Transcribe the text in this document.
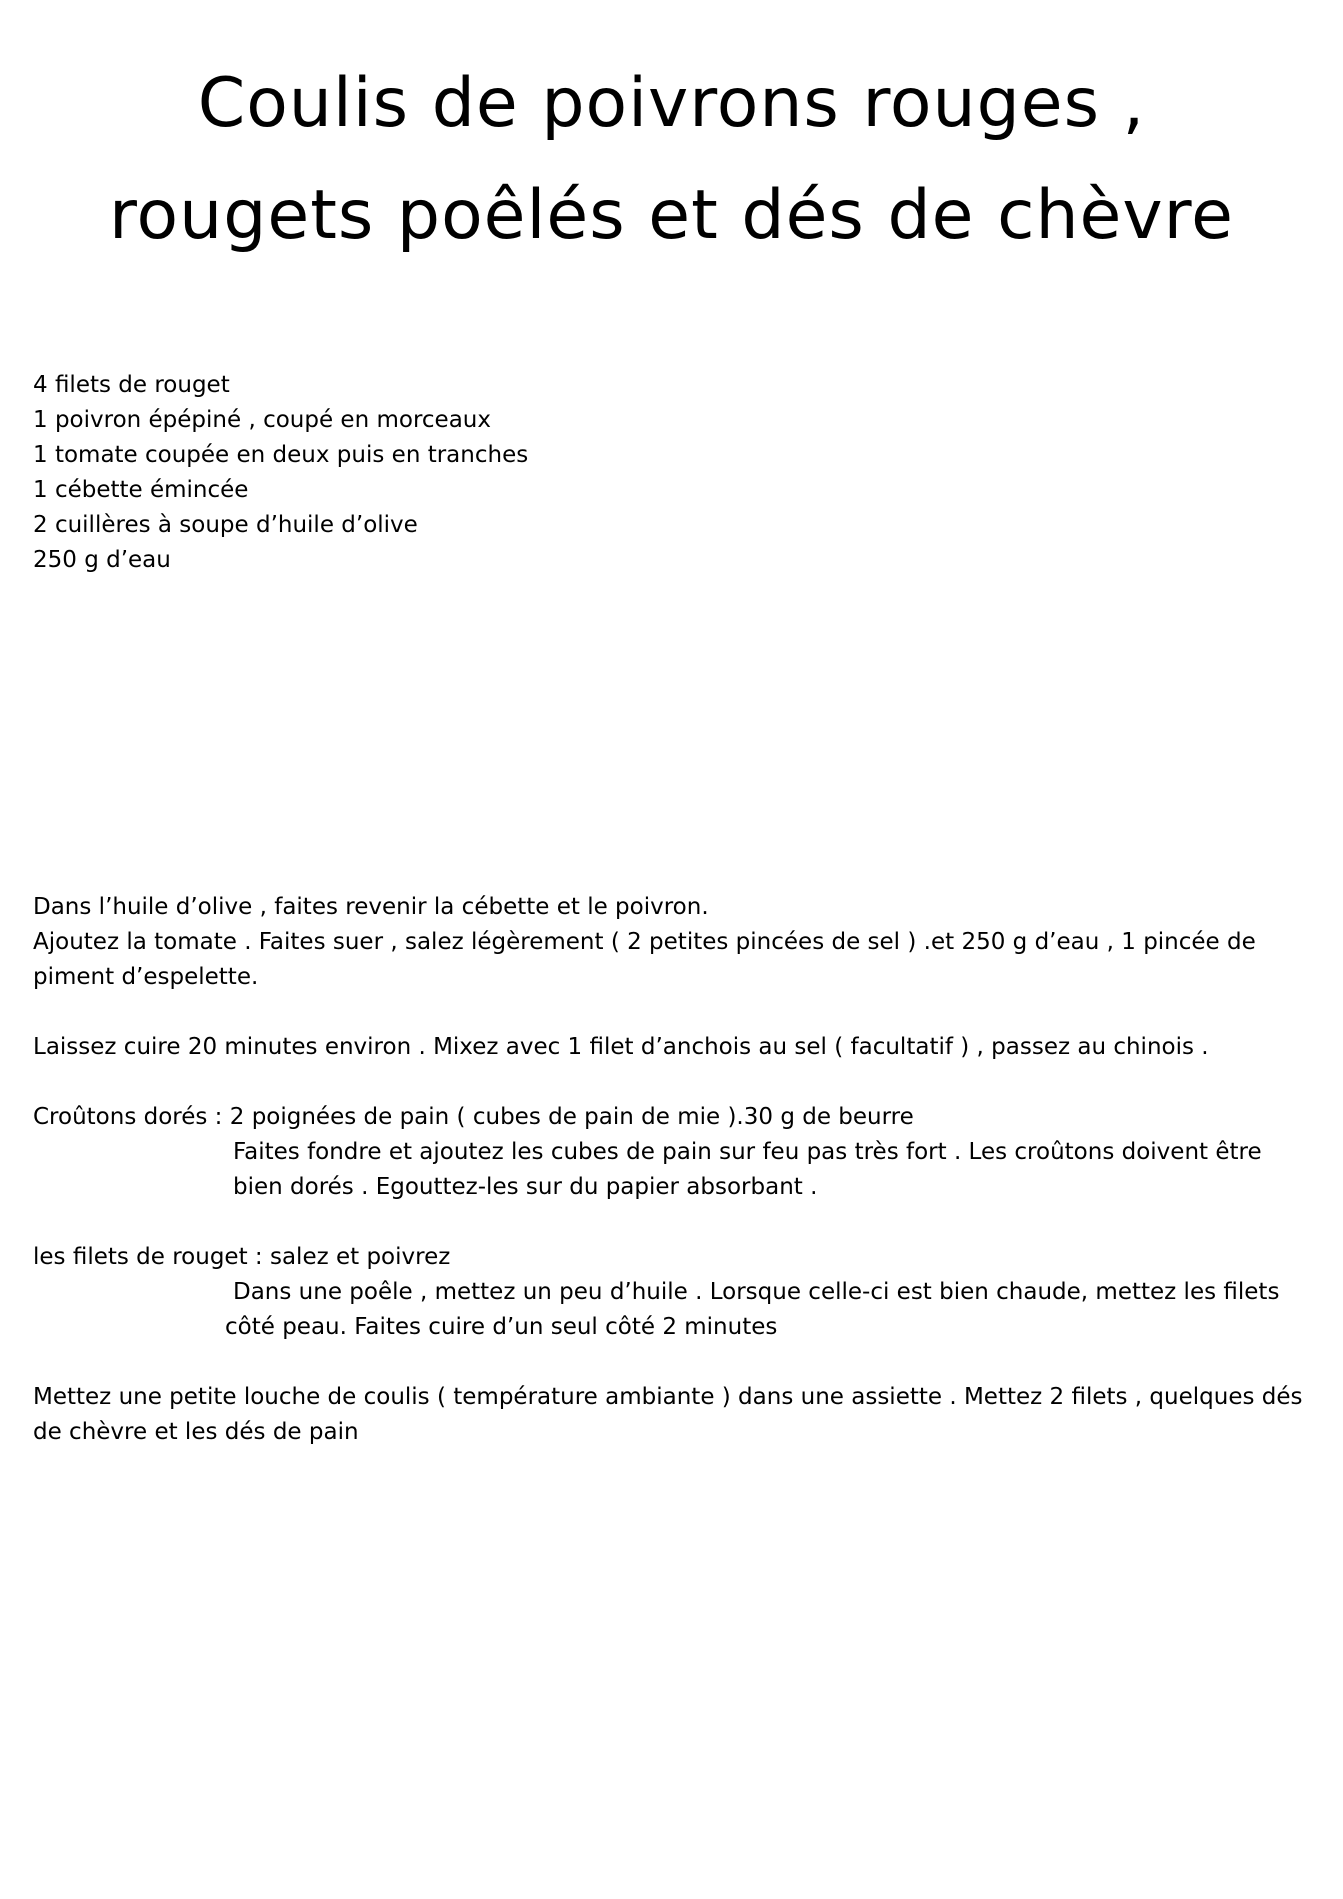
Coulis de poivrons rouges ,
rougets poêlés et dés de chèvre
4 filets de rouget
1 poivron épépiné , coupé en morceaux
1 tomate coupée en deux puis en tranches
1 cébette émincée
2 cuillères à soupe d’huile d’olive
250 g d’eau

Dans l’huile d’olive , faites revenir la cébette et le poivron.

Ajoutez la tomate . Faites suer , salez légèrement ( 2 petites pincées de sel ) .et 250 g d’eau , 1 pincée de

piment d’espelette.

Laissez cuire 20 minutes environ . Mixez avec 1 filet d’anchois au sel ( facultatif ) , passez au chinois .

Croûtons dorés : 2 poignées de pain ( cubes de pain de mie ).30 g de beurre

Faites fondre et ajoutez les cubes de pain sur feu pas très fort . Les croûtons doivent être

bien dorés . Egouttez-les sur du papier absorbant .

les filets de rouget : salez et poivrez

Dans une poêle , mettez un peu d’huile . Lorsque celle-ci est bien chaude, mettez les filets

côté peau. Faites cuire d’un seul côté 2 minutes

Mettez une petite louche de coulis ( température ambiante ) dans une assiette . Mettez 2 filets , quelques dés

de chèvre et les dés de pain
